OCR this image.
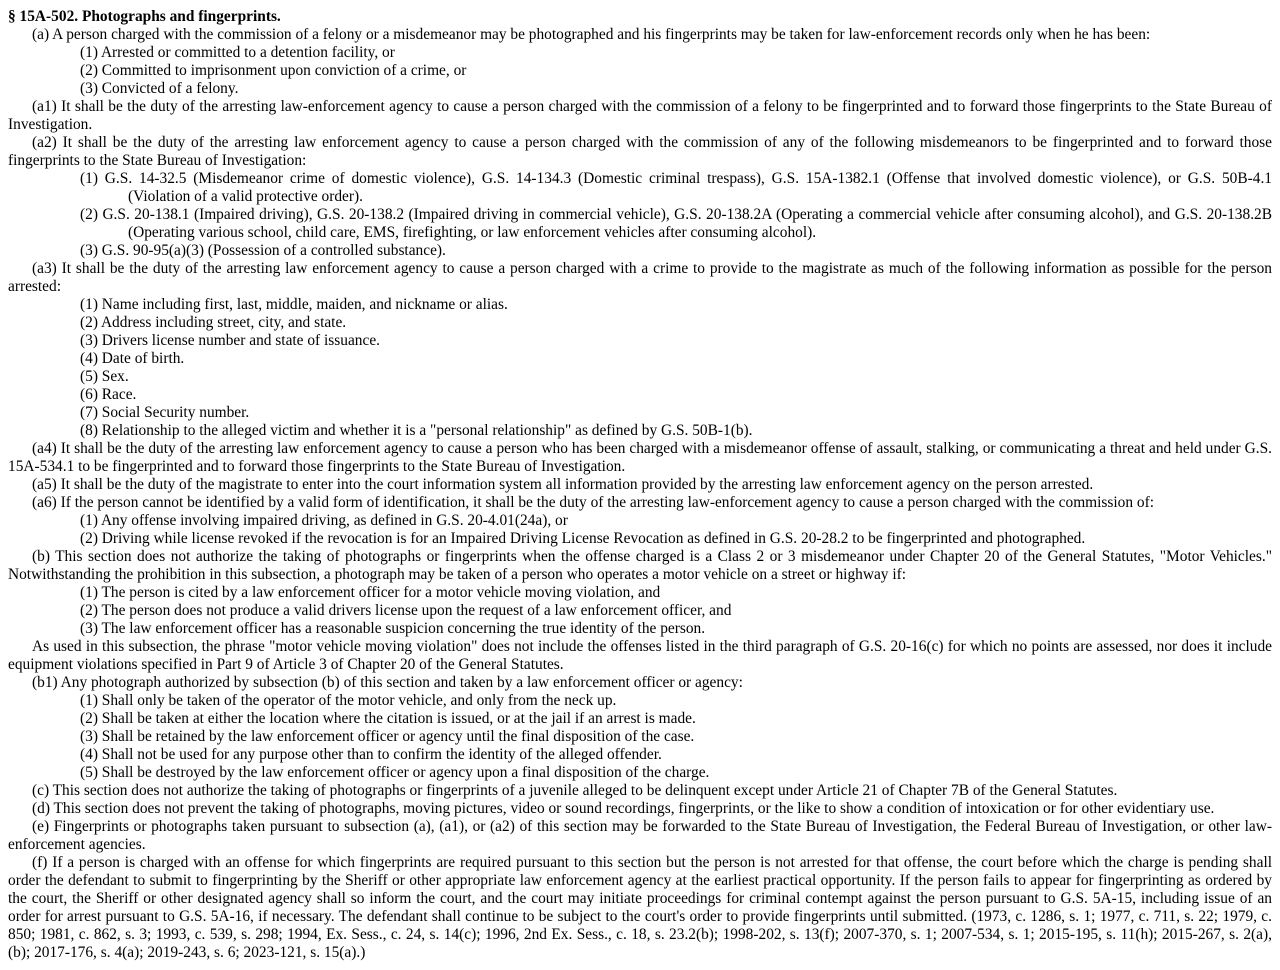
§ 15A-502. Photographs and fingerprints.

(a) A person charged with the commission of a felony or a misdemeanor may be photographed and his fingerprints may be taken for law-enforcement records only when he has been:

(1) Arrested or committed to a detention facility, or

(2) Committed to imprisonment upon conviction of a crime, or

(3) Convicted of a felony.

(a1) It shall be the duty of the arresting law-enforcement agency to cause a person charged with the commission of a felony to be fingerprinted and to forward those fingerprints to the State Bureau of Investigation.

(a2) It shall be the duty of the arresting law enforcement agency to cause a person charged with the commission of any of the following misdemeanors to be fingerprinted and to forward those fingerprints to the State Bureau of Investigation:

(1) G.S. 14-32.5 (Misdemeanor crime of domestic violence), G.S. 14-134.3 (Domestic criminal trespass), G.S. 15A-1382.1 (Offense that involved domestic violence), or G.S. 50B-4.1 (Violation of a valid protective order).

(2) G.S. 20-138.1 (Impaired driving), G.S. 20-138.2 (Impaired driving in commercial vehicle), G.S. 20-138.2A (Operating a commercial vehicle after consuming alcohol), and G.S. 20-138.2B (Operating various school, child care, EMS, firefighting, or law enforcement vehicles after consuming alcohol).

(3) G.S. 90-95(a)(3) (Possession of a controlled substance).

(a3) It shall be the duty of the arresting law enforcement agency to cause a person charged with a crime to provide to the magistrate as much of the following information as possible for the person arrested:

(1) Name including first, last, middle, maiden, and nickname or alias.

(2) Address including street, city, and state.

(3) Drivers license number and state of issuance.

(4) Date of birth.

(5) Sex.

(6) Race.

(7) Social Security number.

(8) Relationship to the alleged victim and whether it is a "personal relationship" as defined by G.S. 50B-1(b).

(a4) It shall be the duty of the arresting law enforcement agency to cause a person who has been charged with a misdemeanor offense of assault, stalking, or communicating a threat and held under G.S. 15A-534.1 to be fingerprinted and to forward those fingerprints to the State Bureau of Investigation.

(a5) It shall be the duty of the magistrate to enter into the court information system all information provided by the arresting law enforcement agency on the person arrested.

(a6) If the person cannot be identified by a valid form of identification, it shall be the duty of the arresting law-enforcement agency to cause a person charged with the commission of:

(1) Any offense involving impaired driving, as defined in G.S. 20-4.01(24a), or

(2) Driving while license revoked if the revocation is for an Impaired Driving License Revocation as defined in G.S. 20-28.2 to be fingerprinted and photographed.

(b) This section does not authorize the taking of photographs or fingerprints when the offense charged is a Class 2 or 3 misdemeanor under Chapter 20 of the General Statutes, "Motor Vehicles." Notwithstanding the prohibition in this subsection, a photograph may be taken of a person who operates a motor vehicle on a street or highway if:

(1) The person is cited by a law enforcement officer for a motor vehicle moving violation, and

(2) The person does not produce a valid drivers license upon the request of a law enforcement officer, and

(3) The law enforcement officer has a reasonable suspicion concerning the true identity of the person.

As used in this subsection, the phrase "motor vehicle moving violation" does not include the offenses listed in the third paragraph of G.S. 20-16(c) for which no points are assessed, nor does it include equipment violations specified in Part 9 of Article 3 of Chapter 20 of the General Statutes.

(b1) Any photograph authorized by subsection (b) of this section and taken by a law enforcement officer or agency:

(1) Shall only be taken of the operator of the motor vehicle, and only from the neck up.

(2) Shall be taken at either the location where the citation is issued, or at the jail if an arrest is made.

(3) Shall be retained by the law enforcement officer or agency until the final disposition of the case.

(4) Shall not be used for any purpose other than to confirm the identity of the alleged offender.

(5) Shall be destroyed by the law enforcement officer or agency upon a final disposition of the charge.

(c) This section does not authorize the taking of photographs or fingerprints of a juvenile alleged to be delinquent except under Article 21 of Chapter 7B of the General Statutes.

(d) This section does not prevent the taking of photographs, moving pictures, video or sound recordings, fingerprints, or the like to show a condition of intoxication or for other evidentiary use.

(e) Fingerprints or photographs taken pursuant to subsection (a), (a1), or (a2) of this section may be forwarded to the State Bureau of Investigation, the Federal Bureau of Investigation, or other law-enforcement agencies.

(f) If a person is charged with an offense for which fingerprints are required pursuant to this section but the person is not arrested for that offense, the court before which the charge is pending shall order the defendant to submit to fingerprinting by the Sheriff or other appropriate law enforcement agency at the earliest practical opportunity. If the person fails to appear for fingerprinting as ordered by the court, the Sheriff or other designated agency shall so inform the court, and the court may initiate proceedings for criminal contempt against the person pursuant to G.S. 5A-15, including issue of an order for arrest pursuant to G.S. 5A-16, if necessary. The defendant shall continue to be subject to the court's order to provide fingerprints until submitted. (1973, c. 1286, s. 1; 1977, c. 711, s. 22; 1979, c. 850; 1981, c. 862, s. 3; 1993, c. 539, s. 298; 1994, Ex. Sess., c. 24, s. 14(c); 1996, 2nd Ex. Sess., c. 18, s. 23.2(b); 1998-202, s. 13(f); 2007-370, s. 1; 2007-534, s. 1; 2015-195, s. 11(h); 2015-267, s. 2(a), (b); 2017-176, s. 4(a); 2019-243, s. 6; 2023-121, s. 15(a).)
